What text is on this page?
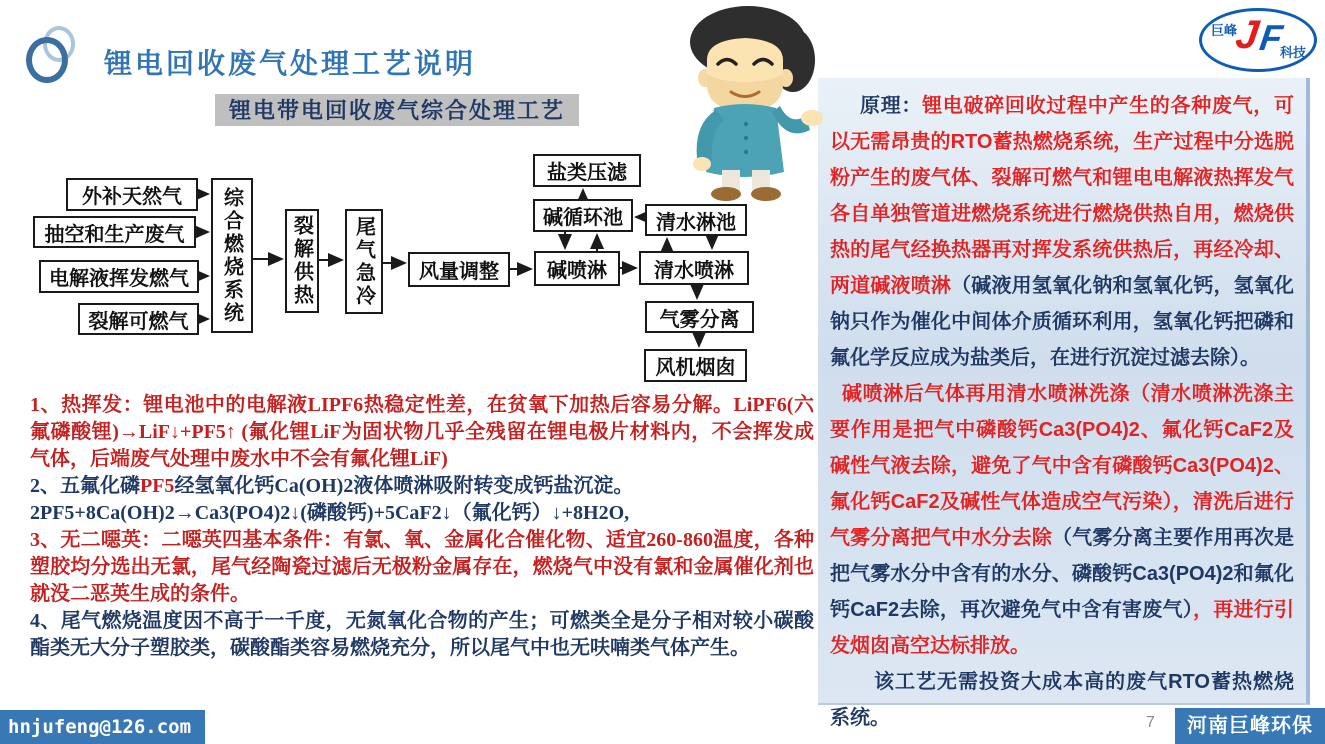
锂电回收废气处理工艺说明
锂电带电回收废气综合处理工艺
巨峰
J
F
科技
外补天然气
抽空和生产废气
电解液挥发燃气
裂解可燃气	综合燃烧系统	裂解供热	尾气急冷	风量调整	碱喷淋	清水喷淋
盐类压滤
碱循环池	清水淋池
气雾分离
风机烟囱

1、热挥发：锂电池中的电解液LIPF6热稳定性差，在贫氧下加热后容易分解。LiPF6(六氟磷酸锂)→LiF↓+PF5↑ (氟化锂LiF为固状物几乎全残留在锂电极片材料内，不会挥发成气体，后端废气处理中废水中不会有氟化锂LiF)

2、五氟化磷PF5经氢氧化钙Ca(OH)2液体喷淋吸附转变成钙盐沉淀。

2PF5+8Ca(OH)2→Ca3(PO4)2↓(磷酸钙)+5CaF2↓（氟化钙）↓+8H2O,

3、无二噁英：二噁英四基本条件：有氯、氧、金属化合催化物、适宜260-860温度，各种塑胶均分选出无氯，尾气经陶瓷过滤后无极粉金属存在，燃烧气中没有氯和金属催化剂也就没二恶英生成的条件。

4、尾气燃烧温度因不高于一千度，无氮氧化合物的产生；可燃类全是分子相对较小碳酸酯类无大分子塑胶类，碳酸酯类容易燃烧充分，所以尾气中也无呋喃类气体产生。

原理：锂电破碎回收过程中产生的各种废气，可以无需昂贵的RTO蓄热燃烧系统，生产过程中分选脱粉产生的废气体、裂解可燃气和锂电电解液热挥发气各自单独管道进燃烧系统进行燃烧供热自用，燃烧供热的尾气经换热器再对挥发系统供热后，再经冷却、两道碱液喷淋（碱液用氢氧化钠和氢氧化钙，氢氧化钠只作为催化中间体介质循环利用，氢氧化钙把磷和氟化学反应成为盐类后，在进行沉淀过滤去除）。

碱喷淋后气体再用清水喷淋洗涤（清水喷淋洗涤主要作用是把气中磷酸钙Ca3(PO4)2、氟化钙CaF2及碱性气液去除，避免了气中含有磷酸钙Ca3(PO4)2、氟化钙CaF2及碱性气体造成空气污染），清洗后进行气雾分离把气中水分去除（气雾分离主要作用再次是把气雾水分中含有的水分、磷酸钙Ca3(PO4)2和氟化钙CaF2去除，再次避免气中含有害废气），再进行引发烟囱高空达标排放。

该工艺无需投资大成本高的废气RTO蓄热燃烧系统。

hnjufeng@126.com	7	河南巨峰环保
